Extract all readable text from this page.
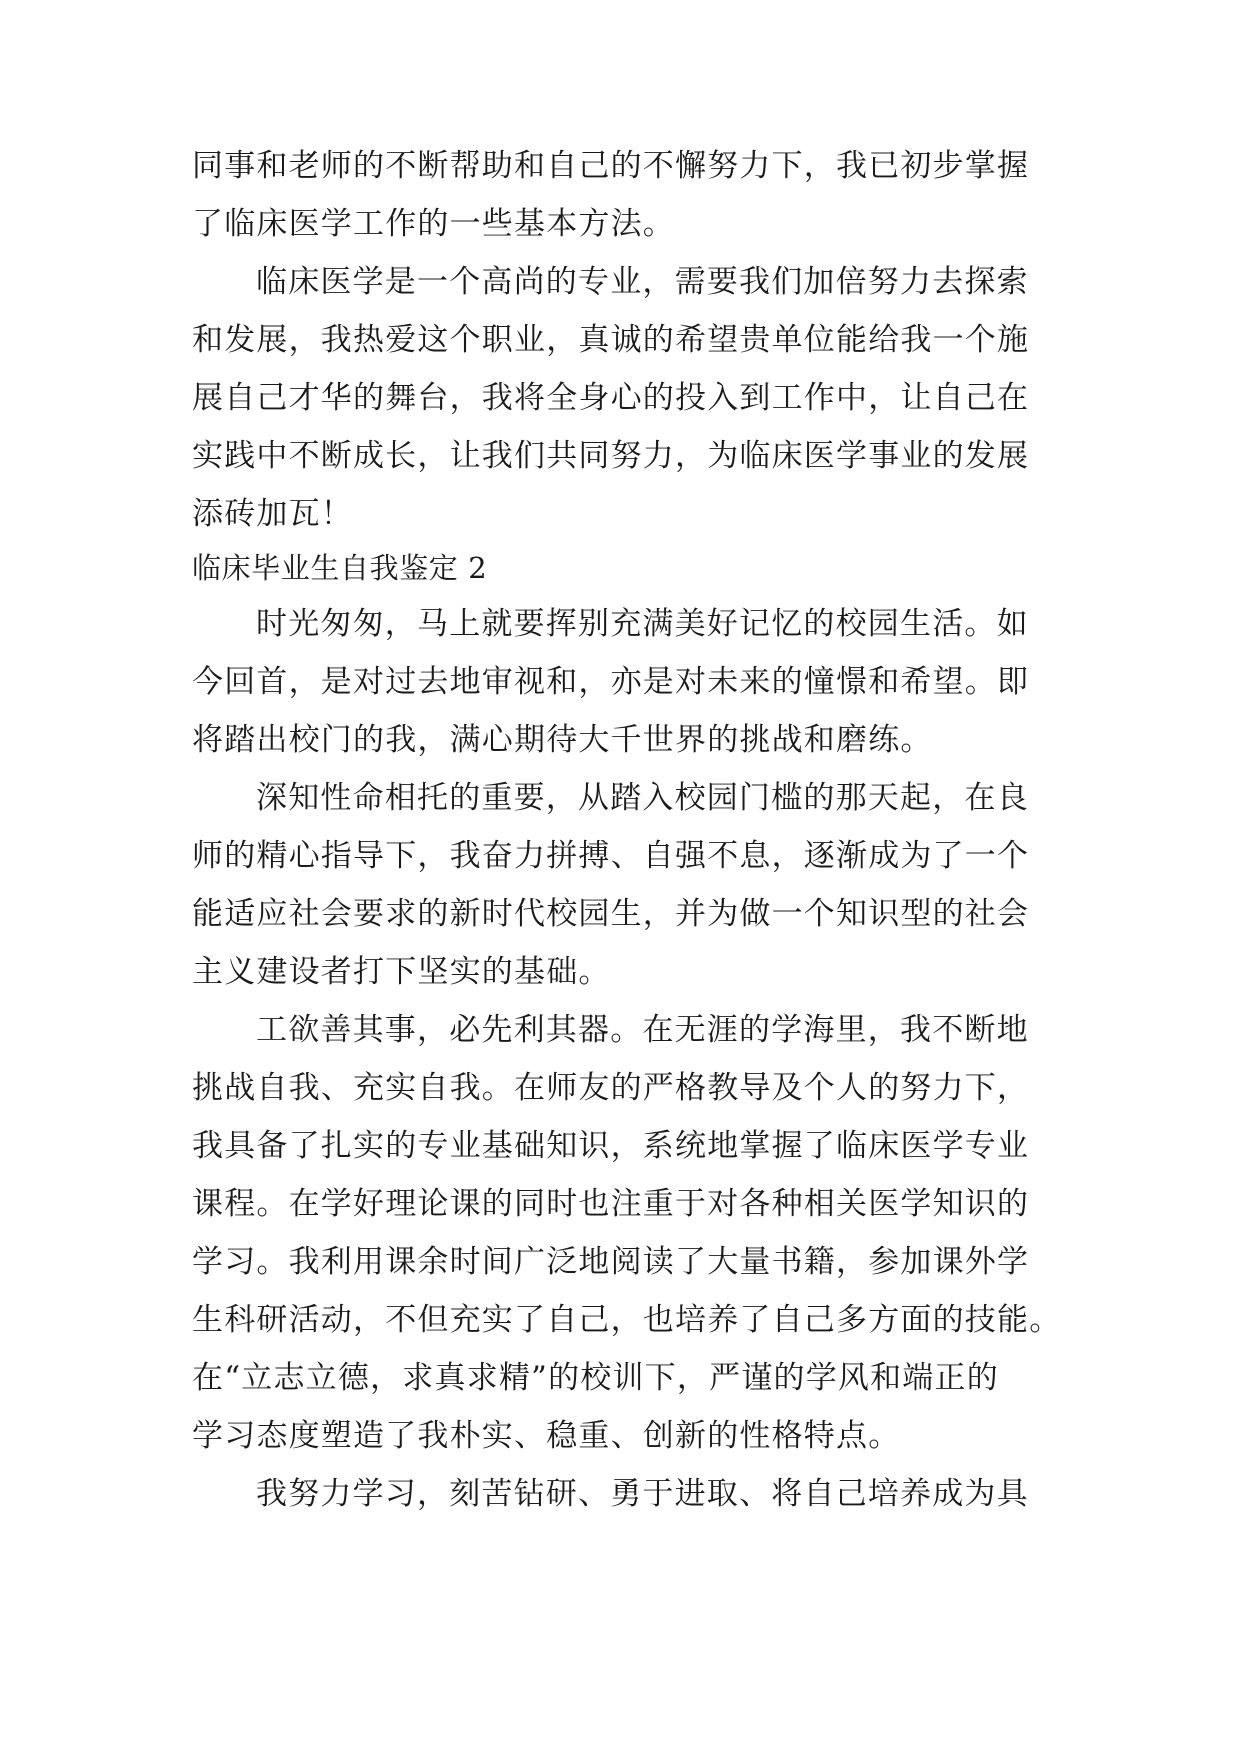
同事和老师的不断帮助和自己的不懈努力下，我已初步掌握
了临床医学工作的一些基本方法。
临床医学是一个高尚的专业，需要我们加倍努力去探索
和发展，我热爱这个职业，真诚的希望贵单位能给我一个施
展自己才华的舞台，我将全身心的投入到工作中，让自己在
实践中不断成长，让我们共同努力，为临床医学事业的发展
添砖加瓦！
临床毕业生自我鉴定 2
时光匆匆，马上就要挥别充满美好记忆的校园生活。如
今回首，是对过去地审视和，亦是对未来的憧憬和希望。即
将踏出校门的我，满心期待大千世界的挑战和磨练。
深知性命相托的重要，从踏入校园门槛的那天起，在良
师的精心指导下，我奋力拼搏、自强不息，逐渐成为了一个
能适应社会要求的新时代校园生，并为做一个知识型的社会
主义建设者打下坚实的基础。
工欲善其事，必先利其器。在无涯的学海里，我不断地
挑战自我、充实自我。在师友的严格教导及个人的努力下，
我具备了扎实的专业基础知识，系统地掌握了临床医学专业
课程。在学好理论课的同时也注重于对各种相关医学知识的
学习。我利用课余时间广泛地阅读了大量书籍，参加课外学
生科研活动，不但充实了自己，也培养了自己多方面的技能。
在“立志立德，求真求精”的校训下，严谨的学风和端正的
学习态度塑造了我朴实、稳重、创新的性格特点。
我努力学习，刻苦钻研、勇于进取、将自己培养成为具
